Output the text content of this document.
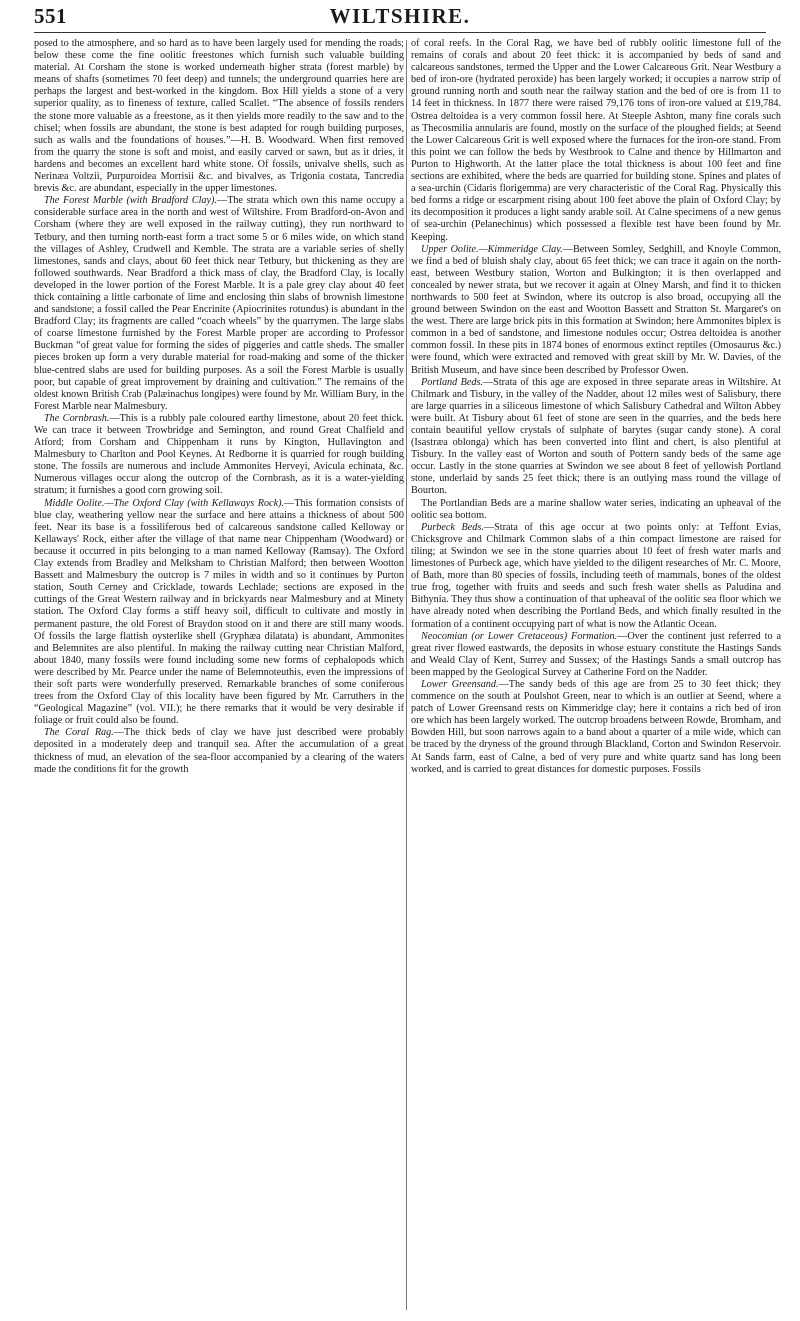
551	WILTSHIRE.

posed to the atmosphere, and so hard as to have been largely used for mending the roads; below these come the fine oolitic freestones which furnish such valuable building material. At Corsham the stone is worked underneath higher strata (forest marble) by means of shafts (sometimes 70 feet deep) and tunnels; the underground quarries here are perhaps the largest and best-worked in the kingdom. Box Hill yields a stone of a very superior quality, as to fineness of texture, called Scallet. “The absence of fossils renders the stone more valuable as a freestone, as it then yields more readily to the saw and to the chisel; when fossils are abundant, the stone is best adapted for rough building purposes, such as walls and the foundations of houses.”—H. B. Woodward. When first removed from the quarry the stone is soft and moist, and easily carved or sawn, but as it dries, it hardens and becomes an excellent hard white stone. Of fossils, univalve shells, such as Nerinæa Voltzii, Purpuroidea Morrisii &c. and bivalves, as Trigonia costata, Tancredia brevis &c. are abundant, especially in the upper limestones.

The Forest Marble (with Bradford Clay).—The strata which own this name occupy a considerable surface area in the north and west of Wiltshire. From Bradford-on-Avon and Corsham (where they are well exposed in the railway cutting), they run northward to Tetbury, and then turning north-east form a tract some 5 or 6 miles wide, on which stand the villages of Ashley, Crudwell and Kemble. The strata are a variable series of shelly limestones, sands and clays, about 60 feet thick near Tetbury, but thickening as they are followed southwards. Near Bradford a thick mass of clay, the Bradford Clay, is locally developed in the lower portion of the Forest Marble. It is a pale grey clay about 40 feet thick containing a little carbonate of lime and enclosing thin slabs of brownish limestone and sandstone; a fossil called the Pear Encrinite (Apiocrinites rotundus) is abundant in the Bradford Clay; its fragments are called “coach wheels” by the quarrymen. The large slabs of coarse limestone furnished by the Forest Marble proper are according to Professor Buckman “of great value for forming the sides of piggeries and cattle sheds. The smaller pieces broken up form a very durable material for road-making and some of the thicker blue-centred slabs are used for building purposes. As a soil the Forest Marble is usually poor, but capable of great improvement by draining and cultivation.” The remains of the oldest known British Crab (Palæinachus longipes) were found by Mr. William Bury, in the Forest Marble near Malmesbury.

The Cornbrash.—This is a rubbly pale coloured earthy limestone, about 20 feet thick. We can trace it between Trowbridge and Semington, and round Great Chalfield and Atford; from Corsham and Chippenham it runs by Kington, Hullavington and Malmesbury to Charlton and Pool Keynes. At Redborne it is quarried for rough building stone. The fossils are numerous and include Ammonites Herveyi, Avicula echinata, &c. Numerous villages occur along the outcrop of the Cornbrash, as it is a water-yielding stratum; it furnishes a good corn growing soil.

Middle Oolite.—The Oxford Clay (with Kellaways Rock).—This formation consists of blue clay, weathering yellow near the surface and here attains a thickness of about 500 feet. Near its base is a fossiliferous bed of calcareous sandstone called Kelloway or Kellaways' Rock, either after the village of that name near Chippenham (Woodward) or because it occurred in pits belonging to a man named Kelloway (Ramsay). The Oxford Clay extends from Bradley and Melksham to Christian Malford; then between Wootton Bassett and Malmesbury the outcrop is 7 miles in width and so it continues by Purton station, South Cerney and Cricklade, towards Lechlade; sections are exposed in the cuttings of the Great Western railway and in brickyards near Malmesbury and at Minety station. The Oxford Clay forms a stiff heavy soil, difficult to cultivate and mostly in permanent pasture, the old Forest of Braydon stood on it and there are still many woods. Of fossils the large flattish oysterlike shell (Gryphæa dilatata) is abundant, Ammonites and Belemnites are also plentiful. In making the railway cutting near Christian Malford, about 1840, many fossils were found including some new forms of cephalopods which were described by Mr. Pearce under the name of Belemnoteuthis, even the impressions of their soft parts were wonderfully preserved. Remarkable branches of some coniferous trees from the Oxford Clay of this locality have been figured by Mr. Carruthers in the “Geological Magazine” (vol. VII.); he there remarks that it would be very desirable if foliage or fruit could also be found.

The Coral Rag.—The thick beds of clay we have just described were probably deposited in a moderately deep and tranquil sea. After the accumulation of a great thickness of mud, an elevation of the sea-floor accompanied by a clearing of the waters made the conditions fit for the growth

of coral reefs. In the Coral Rag, we have bed of rubbly oolitic limestone full of the remains of corals and about 20 feet thick: it is accompanied by beds of sand and calcareous sandstones, termed the Upper and the Lower Calcareous Grit. Near Westbury a bed of iron-ore (hydrated peroxide) has been largely worked; it occupies a narrow strip of ground running north and south near the railway station and the bed of ore is from 11 to 14 feet in thickness. In 1877 there were raised 79,176 tons of iron-ore valued at £19,784. Ostrea deltoidea is a very common fossil here. At Steeple Ashton, many fine corals such as Thecosmilia annularis are found, mostly on the surface of the ploughed fields; at Seend the Lower Calcareous Grit is well exposed where the furnaces for the iron-ore stand. From this point we can follow the beds by Westbrook to Calne and thence by Hillmarton and Purton to Highworth. At the latter place the total thickness is about 100 feet and fine sections are exhibited, where the beds are quarried for building stone. Spines and plates of a sea-urchin (Cidaris florigemma) are very characteristic of the Coral Rag. Physically this bed forms a ridge or escarpment rising about 100 feet above the plain of Oxford Clay; by its decomposition it produces a light sandy arable soil. At Calne specimens of a new genus of sea-urchin (Pelanechinus) which possessed a flexible test have been found by Mr. Keeping.

Upper Oolite.—Kimmeridge Clay.—Between Somley, Sedghill, and Knoyle Common, we find a bed of bluish shaly clay, about 65 feet thick; we can trace it again on the north-east, between Westbury station, Worton and Bulkington; it is then overlapped and concealed by newer strata, but we recover it again at Olney Marsh, and find it to thicken northwards to 500 feet at Swindon, where its outcrop is also broad, occupying all the ground between Swindon on the east and Wootton Bassett and Stratton St. Margaret's on the west. There are large brick pits in this formation at Swindon; here Ammonites biplex is common in a bed of sandstone, and limestone nodules occur; Ostrea deltoidea is another common fossil. In these pits in 1874 bones of enormous extinct reptiles (Omosaurus &c.) were found, which were extracted and removed with great skill by Mr. W. Davies, of the British Museum, and have since been described by Professor Owen.

Portland Beds.—Strata of this age are exposed in three separate areas in Wiltshire. At Chilmark and Tisbury, in the valley of the Nadder, about 12 miles west of Salisbury, there are large quarries in a siliceous limestone of which Salisbury Cathedral and Wilton Abbey were built. At Tisbury about 61 feet of stone are seen in the quarries, and the beds here contain beautiful yellow crystals of sulphate of barytes (sugar candy stone). A coral (Isastræa oblonga) which has been converted into flint and chert, is also plentiful at Tisbury. In the valley east of Worton and south of Pottern sandy beds of the same age occur. Lastly in the stone quarries at Swindon we see about 8 feet of yellowish Portland stone, underlaid by sands 25 feet thick; there is an outlying mass round the village of Bourton.

The Portlandian Beds are a marine shallow water series, indicating an upheaval of the oolitic sea bottom.

Purbeck Beds.—Strata of this age occur at two points only: at Teffont Evias, Chicksgrove and Chilmark Common slabs of a thin compact limestone are raised for tiling; at Swindon we see in the stone quarries about 10 feet of fresh water marls and limestones of Purbeck age, which have yielded to the diligent researches of Mr. C. Moore, of Bath, more than 80 species of fossils, including teeth of mammals, bones of the oldest true frog, together with fruits and seeds and such fresh water shells as Paludina and Bithynia. They thus show a continuation of that upheaval of the oolitic sea floor which we have already noted when describing the Portland Beds, and which finally resulted in the formation of a continent occupying part of what is now the Atlantic Ocean.

Neocomian (or Lower Cretaceous) Formation.—Over the continent just referred to a great river flowed eastwards, the deposits in whose estuary constitute the Hastings Sands and Weald Clay of Kent, Surrey and Sussex; of the Hastings Sands a small outcrop has been mapped by the Geological Survey at Catherine Ford on the Nadder.

Lower Greensand.—The sandy beds of this age are from 25 to 30 feet thick; they commence on the south at Poulshot Green, near to which is an outlier at Seend, where a patch of Lower Greensand rests on Kimmeridge clay; here it contains a rich bed of iron ore which has been largely worked. The outcrop broadens between Rowde, Bromham, and Bowden Hill, but soon narrows again to a band about a quarter of a mile wide, which can be traced by the dryness of the ground through Blackland, Corton and Swindon Reservoir. At Sands farm, east of Calne, a bed of very pure and white quartz sand has long been worked, and is carried to great distances for domestic purposes. Fossils
